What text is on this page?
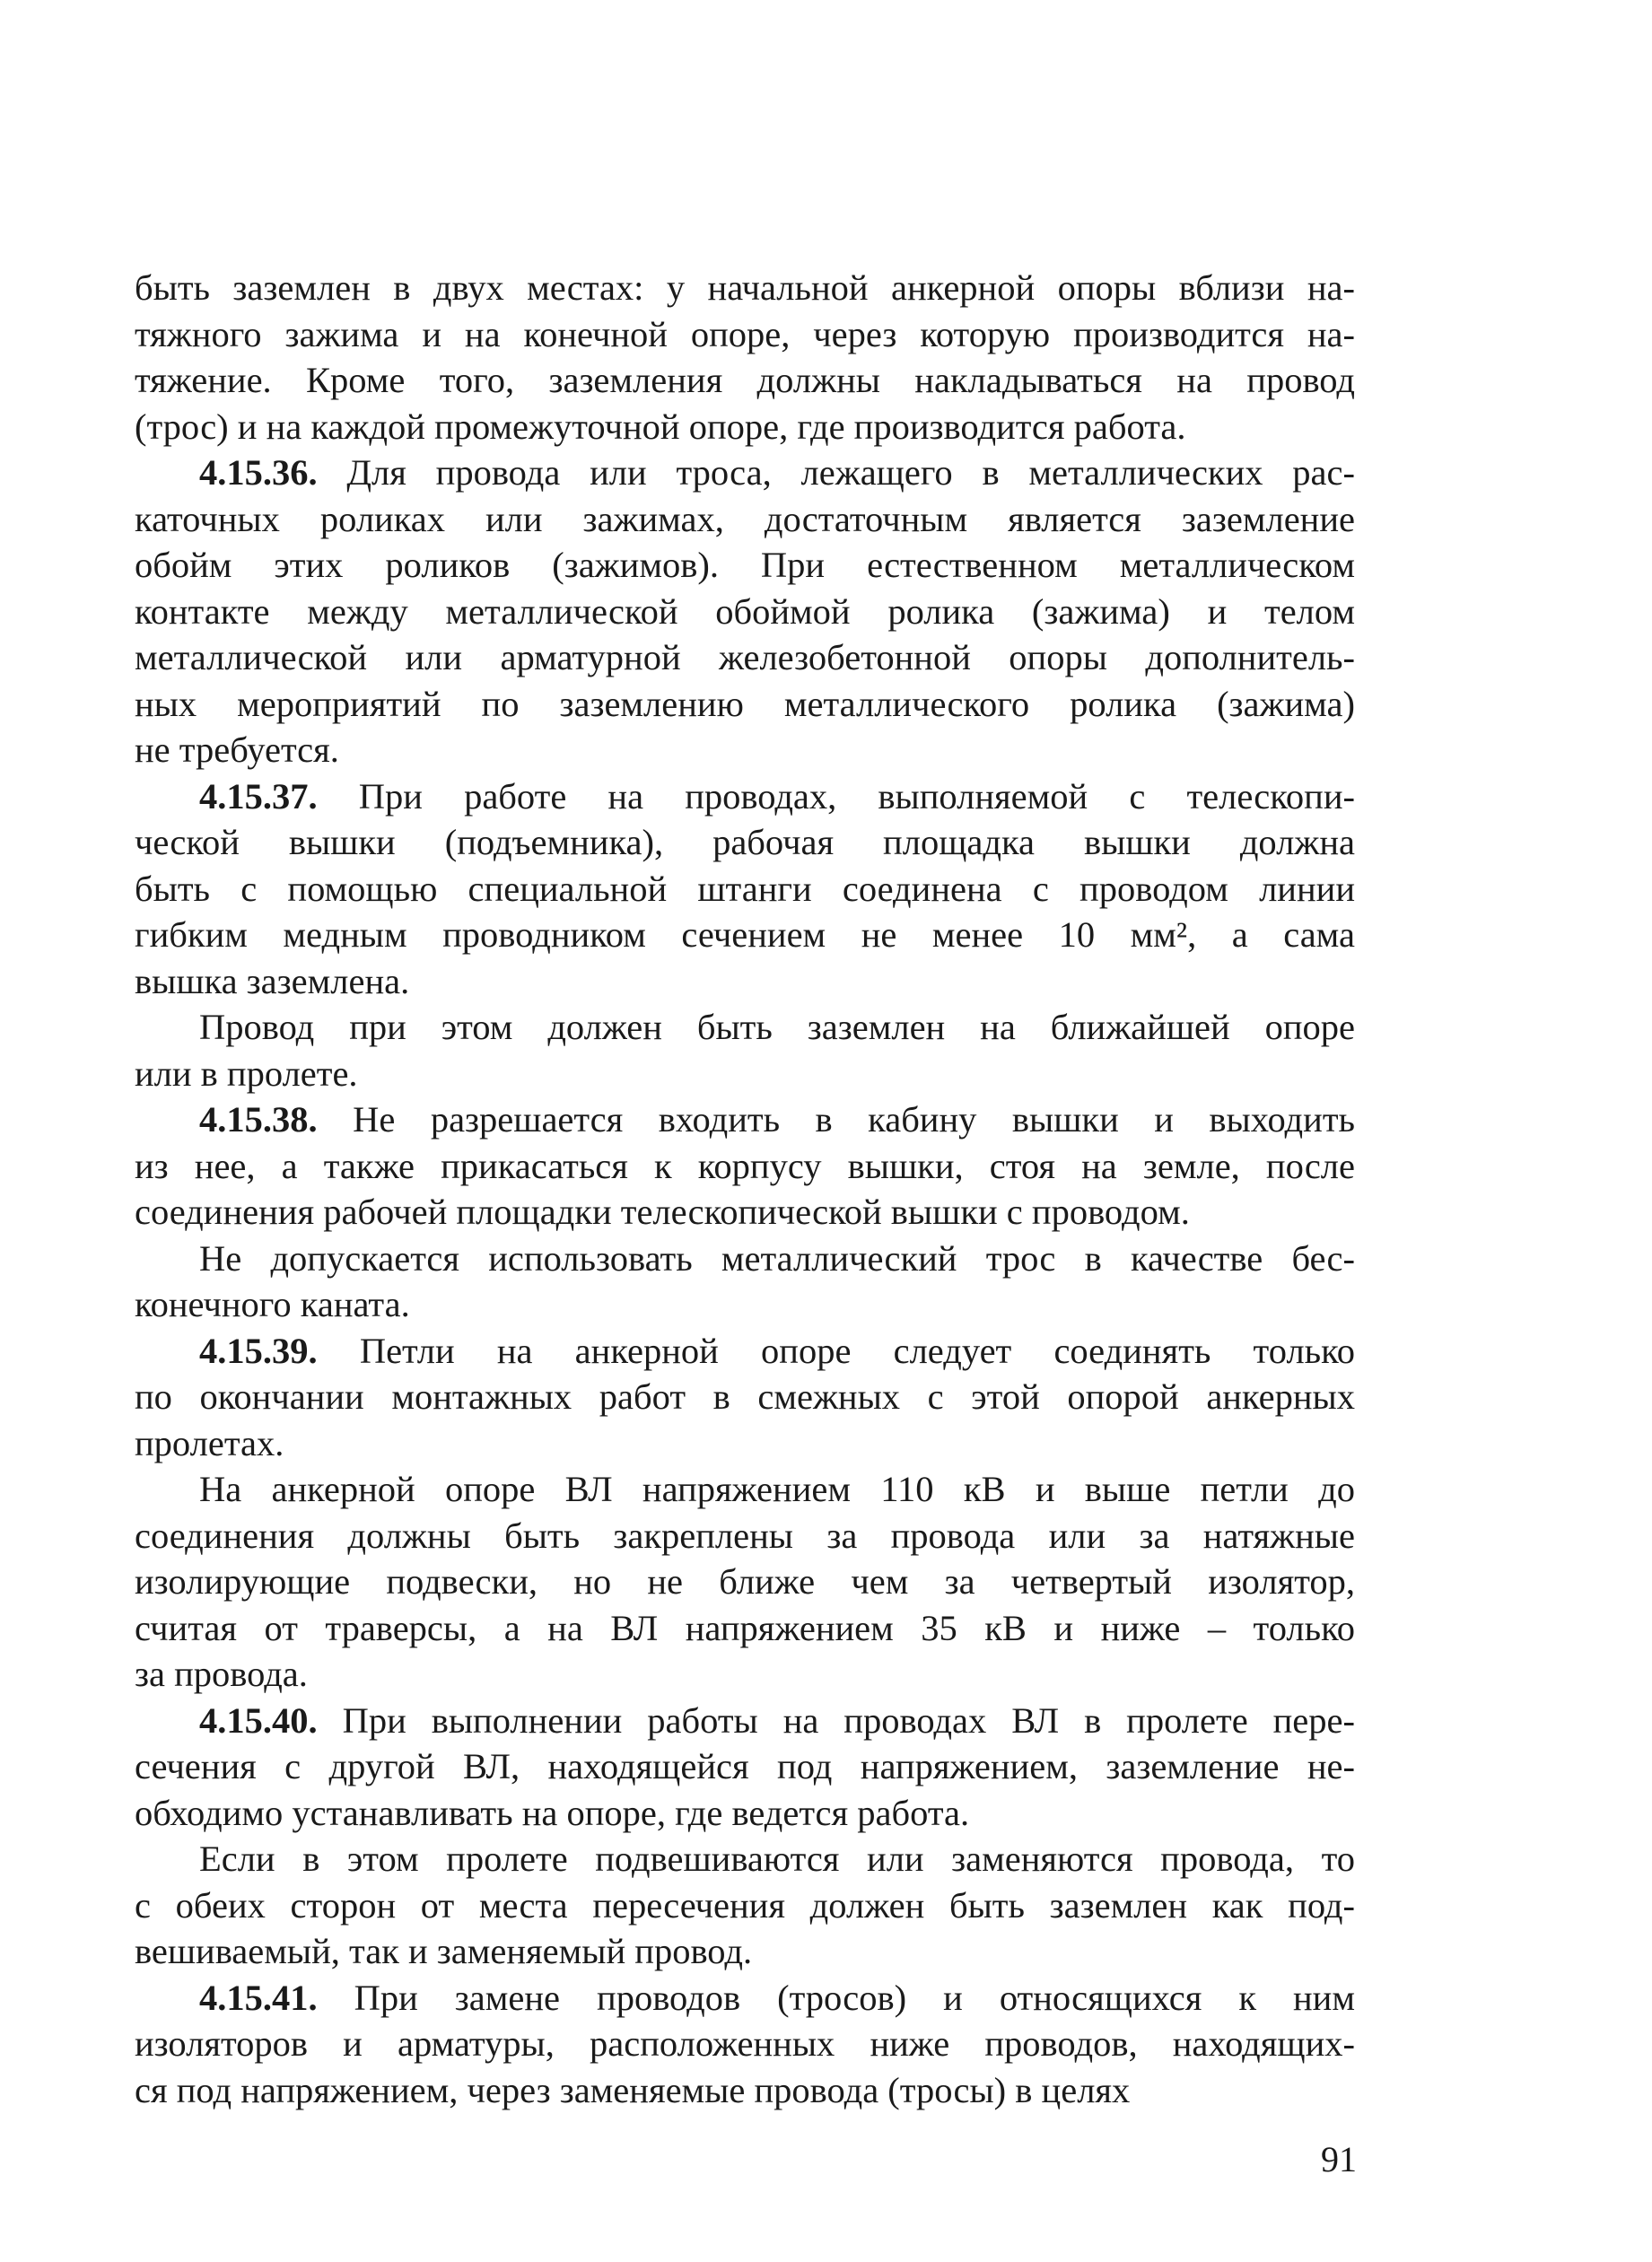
быть заземлен в двух местах: у начальной анкерной опоры вблизи на-
тяжного зажима и на конечной опоре, через которую производится на-
тяжение. Кроме того, заземления должны накладываться на провод
(трос) и на каждой промежуточной опоре, где производится работа.
4.15.36. Для провода или троса, лежащего в металлических рас-
каточных роликах или зажимах, достаточным является заземление
обойм этих роликов (зажимов). При естественном металлическом
контакте между металлической обоймой ролика (зажима) и телом
металлической или арматурной железобетонной опоры дополнитель-
ных мероприятий по заземлению металлического ролика (зажима)
не требуется.
4.15.37. При работе на проводах, выполняемой с телескопи-
ческой вышки (подъемника), рабочая площадка вышки должна
быть с помощью специальной штанги соединена с проводом линии
гибким медным проводником сечением не менее 10 мм², а сама
вышка заземлена.
Провод при этом должен быть заземлен на ближайшей опоре
или в пролете.
4.15.38. Не разрешается входить в кабину вышки и выходить
из нее, а также прикасаться к корпусу вышки, стоя на земле, после
соединения рабочей площадки телескопической вышки с проводом.
Не допускается использовать металлический трос в качестве бес-
конечного каната.
4.15.39. Петли на анкерной опоре следует соединять только
по окончании монтажных работ в смежных с этой опорой анкерных
пролетах.
На анкерной опоре ВЛ напряжением 110 кВ и выше петли до
соединения должны быть закреплены за провода или за натяжные
изолирующие подвески, но не ближе чем за четвертый изолятор,
считая от траверсы, а на ВЛ напряжением 35 кВ и ниже – только
за провода.
4.15.40. При выполнении работы на проводах ВЛ в пролете пере-
сечения с другой ВЛ, находящейся под напряжением, заземление не-
обходимо устанавливать на опоре, где ведется работа.
Если в этом пролете подвешиваются или заменяются провода, то
с обеих сторон от места пересечения должен быть заземлен как под-
вешиваемый, так и заменяемый провод.
4.15.41. При замене проводов (тросов) и относящихся к ним
изоляторов и арматуры, расположенных ниже проводов, находящих-
ся под напряжением, через заменяемые провода (тросы) в целях
91
